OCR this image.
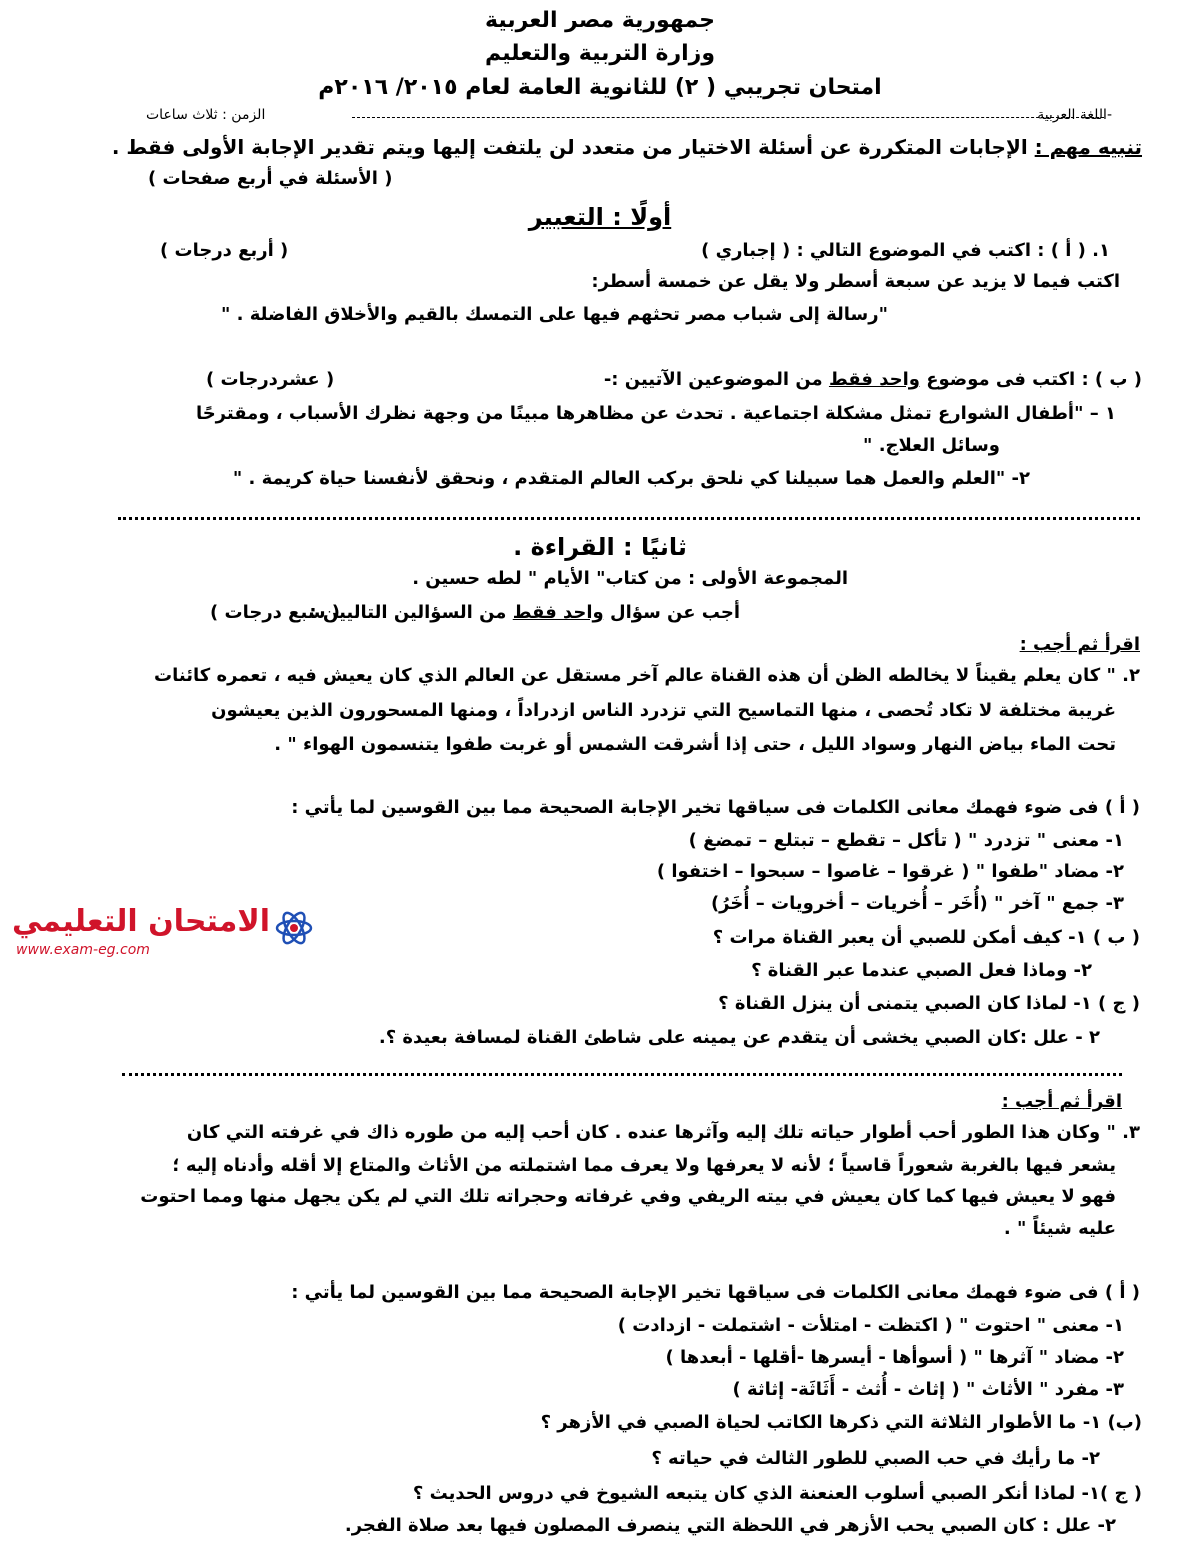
جمهورية مصر العربية
وزارة التربية والتعليم
امتحان تجريبي ( ٢) للثانوية العامة لعام ٢٠١٥/ ٢٠١٦م
-اللغة العربية
الزمن : ثلاث ساعات
تنبيه مهم : الإجابات المتكررة عن أسئلة الاختيار من متعدد لن يلتفت إليها ويتم تقدير الإجابة الأولى فقط .
( الأسئلة في أربع صفحات )
أولًا : التعبير
١. ( أ ) : اكتب في الموضوع التالي : ( إجباري )
( أربع درجات )
اكتب فيما لا يزيد عن سبعة أسطر ولا يقل عن خمسة أسطر:
"رسالة إلى شباب مصر تحثهم فيها على التمسك بالقيم والأخلاق الفاضلة . "
( ب ) : اكتب فى موضوع واحد فقط من الموضوعين الآتيين :-
( عشردرجات )
١ – "أطفال الشوارع تمثل مشكلة اجتماعية . تحدث عن مظاهرها مبينًا من وجهة نظرك الأسباب ، ومقترحًا
وسائل العلاج. "
٢- "العلم والعمل هما سبيلنا كي نلحق بركب العالم المتقدم ، ونحقق لأنفسنا حياة كريمة . "
ثانيًا : القراءة .
المجموعة الأولى : من كتاب" الأيام " لطه حسين .
أجب عن سؤال واحد فقط من السؤالين التاليين :
( سبع درجات )
اقرأ ثم أجب :
٢. " كان يعلم يقيناً لا يخالطه الظن أن هذه القناة عالم آخر مستقل عن العالم الذي كان يعيش فيه ، تعمره كائنات
غريبة مختلفة لا تكاد تُحصى ، منها التماسيح التي تزدرد الناس ازدراداً ، ومنها المسحورون الذين يعيشون
تحت الماء بياض النهار وسواد الليل ، حتى إذا أشرقت الشمس أو غربت طفوا يتنسمون الهواء " .
( أ ) فى ضوء فهمك معانى الكلمات فى سياقها تخير الإجابة الصحيحة مما بين القوسين لما يأتي :
١- معنى " تزدرد " ( تأكل – تقطع – تبتلع – تمضغ )
٢- مضاد "طفوا " ( غرقوا – غاصوا – سبحوا – اختفوا )
٣- جمع " آخر " (أُخَر – أُخريات – أخرويات – أُخَرُ)
الامتحان التعليمي
www.exam-eg.com
( ب ) ١- كيف أمكن للصبي أن يعبر القناة مرات ؟
٢- وماذا فعل الصبي عندما عبر القناة ؟
( ج ) ١- لماذا كان الصبي يتمنى أن ينزل القناة ؟
٢ - علل :كان الصبي يخشى أن يتقدم عن يمينه على شاطئ القناة لمسافة بعيدة ؟.
اقرأ ثم أجب :
٣. " وكان هذا الطور أحب أطوار حياته تلك إليه وآثرها عنده . كان أحب إليه من طوره ذاك في غرفته التي كان
يشعر فيها بالغربة شعوراً قاسياً ؛ لأنه لا يعرفها ولا يعرف مما اشتملته من الأثاث والمتاع إلا أقله وأدناه إليه ؛
فهو لا يعيش فيها كما كان يعيش في بيته الريفي وفي غرفاته وحجراته تلك التي لم يكن يجهل منها ومما احتوت
عليه شيئاً " .
( أ ) فى ضوء فهمك معانى الكلمات فى سياقها تخير الإجابة الصحيحة مما بين القوسين لما يأتي :
١- معنى " احتوت " ( اكتظت - امتلأت - اشتملت - ازدادت )
٢- مضاد " آثرها " ( أسوأها - أيسرها -أقلها - أبعدها )
٣- مفرد " الأثاث " ( إثاث - أُثث - أَثَاثَة- إثاثة )
(ب) ١- ما الأطوار الثلاثة التي ذكرها الكاتب لحياة الصبي في الأزهر ؟
٢- ما رأيك في حب الصبي للطور الثالث في حياته ؟
( ج )١- لماذا أنكر الصبي أسلوب العنعنة الذي كان يتبعه الشيوخ في دروس الحديث ؟
٢- علل : كان الصبي يحب الأزهر في اللحظة التي ينصرف المصلون فيها بعد صلاة الفجر.
